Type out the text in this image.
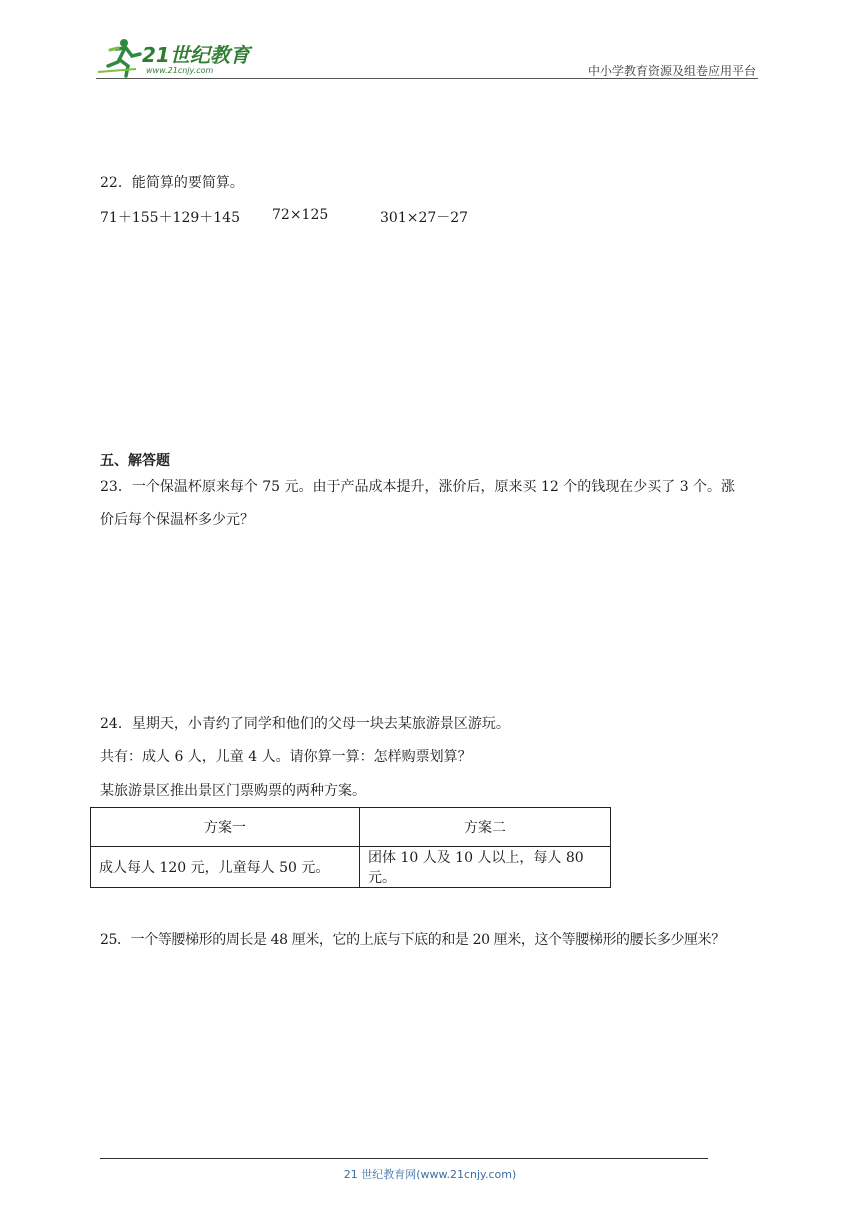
21世纪教育
www.21cnjy.com	中小学教育资源及组卷应用平台
22．能简算的要简算。
71＋155＋129＋145 72×125	301×27－27
五、解答题
23．一个保温杯原来每个 75 元。由于产品成本提升，涨价后，原来买 12 个的钱现在少买了 3 个。涨
价后每个保温杯多少元？
24．星期天，小青约了同学和他们的父母一块去某旅游景区游玩。
共有：成人 6 人，儿童 4 人。请你算一算：怎样购票划算？
某旅游景区推出景区门票购票的两种方案。
方案一	方案二
成人每人 120 元，儿童每人 50 元。	团体 10 人及 10 人以上，每人 80 元。
25．一个等腰梯形的周长是 48 厘米，它的上底与下底的和是 20 厘米，这个等腰梯形的腰长多少厘米？
21 世纪教育网(www.21cnjy.com)
